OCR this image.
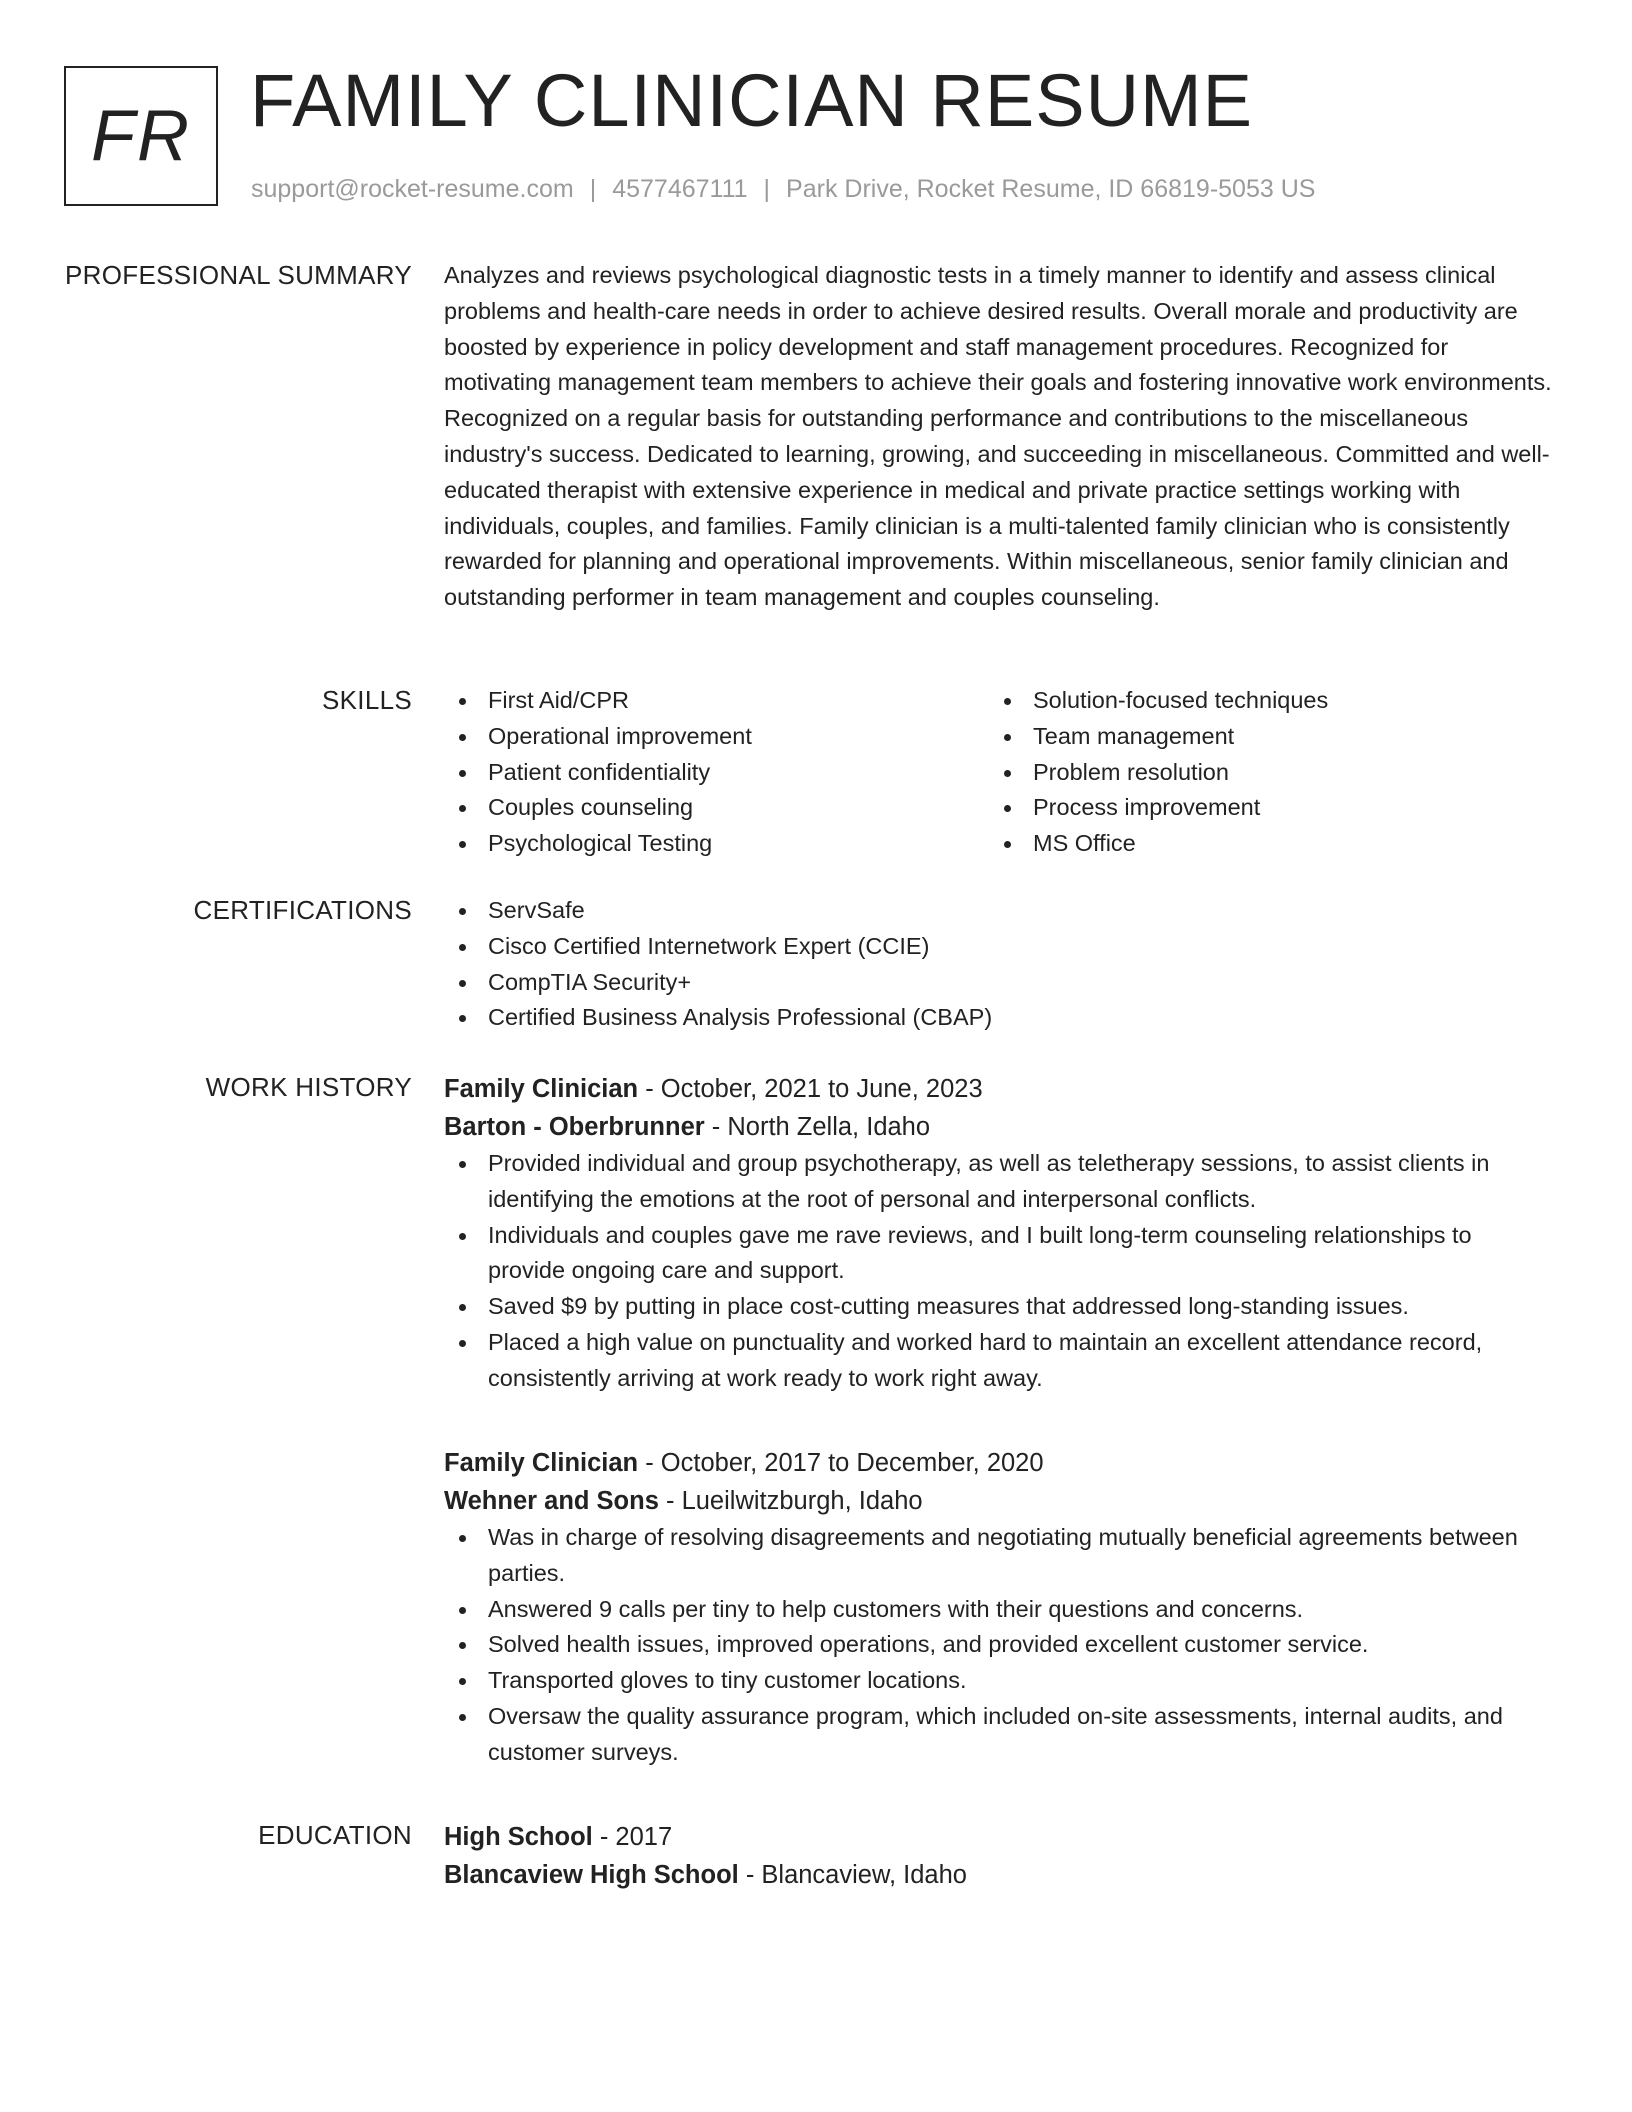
FR FAMILY CLINICIAN RESUME
support@rocket-resume.com | 4577467111 | Park Drive, Rocket Resume, ID 66819-5053 US
PROFESSIONAL SUMMARY Analyzes and reviews psychological diagnostic tests in a timely manner to identify and assess clinical problems and health-care needs in order to achieve desired results. Overall morale and productivity are boosted by experience in policy development and staff management procedures. Recognized for motivating management team members to achieve their goals and fostering innovative work environments. Recognized on a regular basis for outstanding performance and contributions to the miscellaneous industry's success. Dedicated to learning, growing, and succeeding in miscellaneous. Committed and well-educated therapist with extensive experience in medical and private practice settings working with individuals, couples, and families. Family clinician is a multi-talented family clinician who is consistently rewarded for planning and operational improvements. Within miscellaneous, senior family clinician and outstanding performer in team management and couples counseling.

SKILLS	First Aid/CPR
Operational improvement
Patient confidentiality
Couples counseling
Psychological Testing
Solution-focused techniques
Team management
Problem resolution
Process improvement
MS Office
CERTIFICATIONS	ServSafe
Cisco Certified Internetwork Expert (CCIE)
CompTIA Security+
Certified Business Analysis Professional (CBAP)
WORK HISTORY Family Clinician - October, 2021 to June, 2023
Barton - Oberbrunner - North Zella, Idaho
Provided individual and group psychotherapy, as well as teletherapy sessions, to assist clients in identifying the emotions at the root of personal and interpersonal conflicts.
Individuals and couples gave me rave reviews, and I built long-term counseling relationships to provide ongoing care and support.
Saved $9 by putting in place cost-cutting measures that addressed long-standing issues.
Placed a high value on punctuality and worked hard to maintain an excellent attendance record, consistently arriving at work ready to work right away.
Family Clinician - October, 2017 to December, 2020
Wehner and Sons - Lueilwitzburgh, Idaho
Was in charge of resolving disagreements and negotiating mutually beneficial agreements between parties.
Answered 9 calls per tiny to help customers with their questions and concerns.
Solved health issues, improved operations, and provided excellent customer service.
Transported gloves to tiny customer locations.
Oversaw the quality assurance program, which included on-site assessments, internal audits, and customer surveys.
EDUCATION High School - 2017
Blancaview High School - Blancaview, Idaho
